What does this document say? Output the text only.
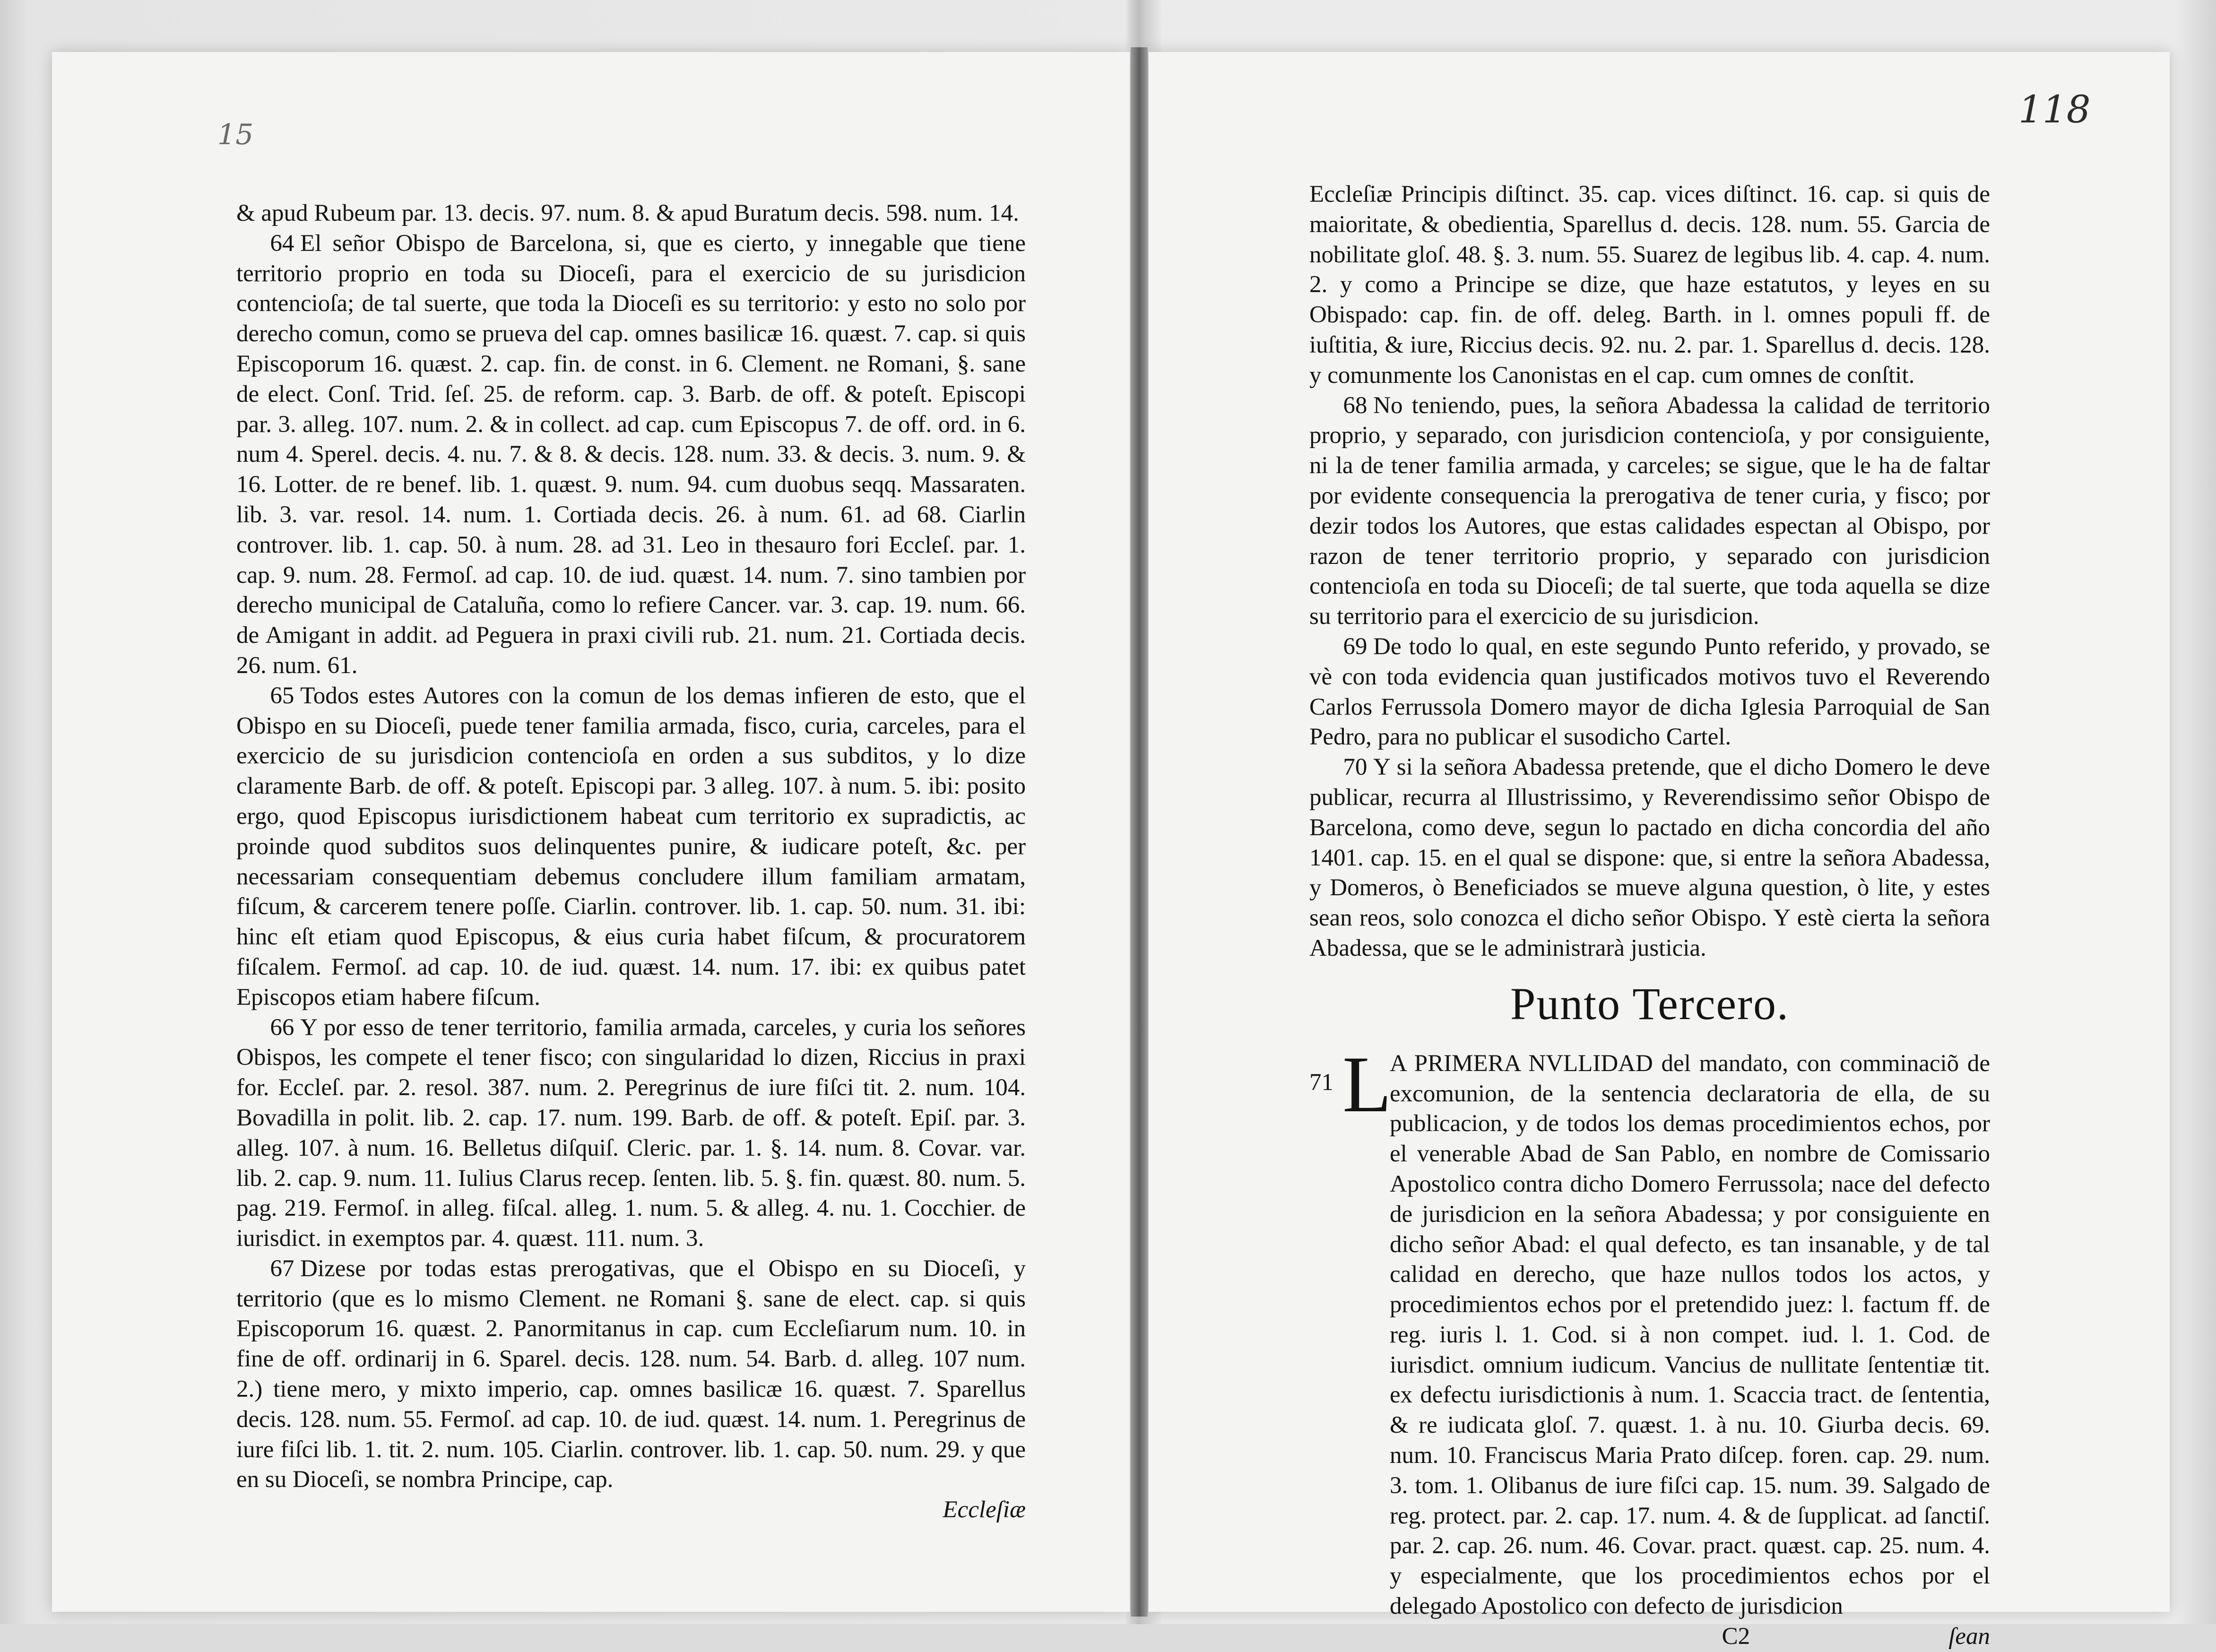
15
118

& apud Rubeum par. 13. decis. 97. num. 8. & apud Buratum decis. 598. num. 14.

64 El señor Obispo de Barcelona, si, que es cierto, y innegable que tiene territorio proprio en toda su Dioceſi, para el exercicio de su jurisdicion contencioſa; de tal suerte, que toda la Dioceſi es su territorio: y esto no solo por derecho comun, como se prueva del cap. omnes basilicæ 16. quæst. 7. cap. si quis Episcoporum 16. quæst. 2. cap. fin. de const. in 6. Clement. ne Romani, §. sane de elect. Conſ. Trid. ſeſ. 25. de reform. cap. 3. Barb. de off. & poteſt. Episcopi par. 3. alleg. 107. num. 2. & in collect. ad cap. cum Episcopus 7. de off. ord. in 6. num 4. Sperel. decis. 4. nu. 7. & 8. & decis. 128. num. 33. & decis. 3. num. 9. & 16. Lotter. de re benef. lib. 1. quæst. 9. num. 94. cum duobus seqq. Massaraten. lib. 3. var. resol. 14. num. 1. Cortiada decis. 26. à num. 61. ad 68. Ciarlin controver. lib. 1. cap. 50. à num. 28. ad 31. Leo in thesauro fori Eccleſ. par. 1. cap. 9. num. 28. Fermoſ. ad cap. 10. de iud. quæst. 14. num. 7. sino tambien por derecho municipal de Cataluña, como lo refiere Cancer. var. 3. cap. 19. num. 66. de Amigant in addit. ad Peguera in praxi civili rub. 21. num. 21. Cortiada decis. 26. num. 61.

65 Todos estes Autores con la comun de los demas infieren de esto, que el Obispo en su Dioceſi, puede tener familia armada, fisco, curia, carceles, para el exercicio de su jurisdicion contencioſa en orden a sus subditos, y lo dize claramente Barb. de off. & poteſt. Episcopi par. 3 alleg. 107. à num. 5. ibi: posito ergo, quod Episcopus iurisdictionem habeat cum territorio ex supradictis, ac proinde quod subditos suos delinquentes punire, & iudicare poteſt, &c. per necessariam consequentiam debemus concludere illum familiam armatam, fiſcum, & carcerem tenere poſſe. Ciarlin. controver. lib. 1. cap. 50. num. 31. ibi: hinc eſt etiam quod Episcopus, & eius curia habet fiſcum, & procuratorem fiſcalem. Fermoſ. ad cap. 10. de iud. quæst. 14. num. 17. ibi: ex quibus patet Episcopos etiam habere fiſcum.

66 Y por esso de tener territorio, familia armada, carceles, y curia los señores Obispos, les compete el tener fisco; con singularidad lo dizen, Riccius in praxi for. Eccleſ. par. 2. resol. 387. num. 2. Peregrinus de iure fiſci tit. 2. num. 104. Bovadilla in polit. lib. 2. cap. 17. num. 199. Barb. de off. & poteſt. Epiſ. par. 3. alleg. 107. à num. 16. Belletus diſquiſ. Cleric. par. 1. §. 14. num. 8. Covar. var. lib. 2. cap. 9. num. 11. Iulius Clarus recep. ſenten. lib. 5. §. fin. quæst. 80. num. 5. pag. 219. Fermoſ. in alleg. fiſcal. alleg. 1. num. 5. & alleg. 4. nu. 1. Cocchier. de iurisdict. in exemptos par. 4. quæst. 111. num. 3.

67 Dizese por todas estas prerogativas, que el Obispo en su Dioceſi, y territorio (que es lo mismo Clement. ne Romani §. sane de elect. cap. si quis Episcoporum 16. quæst. 2. Panormitanus in cap. cum Eccleſiarum num. 10. in fine de off. ordinarij in 6. Sparel. decis. 128. num. 54. Barb. d. alleg. 107 num. 2.) tiene mero, y mixto imperio, cap. omnes basilicæ 16. quæst. 7. Sparellus decis. 128. num. 55. Fermoſ. ad cap. 10. de iud. quæst. 14. num. 1. Peregrinus de iure fiſci lib. 1. tit. 2. num. 105. Ciarlin. controver. lib. 1. cap. 50. num. 29. y que en su Dioceſi, se nombra Principe, cap.

Eccleſiæ

Eccleſiæ Principis diſtinct. 35. cap. vices diſtinct. 16. cap. si quis de maioritate, & obedientia, Sparellus d. decis. 128. num. 55. Garcia de nobilitate gloſ. 48. §. 3. num. 55. Suarez de legibus lib. 4. cap. 4. num. 2. y como a Principe se dize, que haze estatutos, y leyes en su Obispado: cap. fin. de off. deleg. Barth. in l. omnes populi ff. de iuſtitia, & iure, Riccius decis. 92. nu. 2. par. 1. Sparellus d. decis. 128. y comunmente los Canonistas en el cap. cum omnes de conſtit.

68 No teniendo, pues, la señora Abadessa la calidad de territorio proprio, y separado, con jurisdicion contencioſa, y por consiguiente, ni la de tener familia armada, y carceles; se sigue, que le ha de faltar por evidente consequencia la prerogativa de tener curia, y fisco; por dezir todos los Autores, que estas calidades espectan al Obispo, por razon de tener territorio proprio, y separado con jurisdicion contencioſa en toda su Dioceſi; de tal suerte, que toda aquella se dize su territorio para el exercicio de su jurisdicion.

69 De todo lo qual, en este segundo Punto referido, y provado, se vè con toda evidencia quan justificados motivos tuvo el Reverendo Carlos Ferrussola Domero mayor de dicha Iglesia Parroquial de San Pedro, para no publicar el susodicho Cartel.

70 Y si la señora Abadessa pretende, que el dicho Domero le deve publicar, recurra al Illustrissimo, y Reverendissimo señor Obispo de Barcelona, como deve, segun lo pactado en dicha concordia del año 1401. cap. 15. en el qual se dispone: que, si entre la señora Abadessa, y Domeros, ò Beneficiados se mueve alguna question, ò lite, y estes sean reos, solo conozca el dicho señor Obispo. Y estè cierta la señora Abadessa, que se le administrarà justicia.

Punto Tercero.

71 L
A PRIMERA NVLLIDAD del mandato, con comminaciõ de excomunion, de la sentencia declaratoria de ella, de su publicacion, y de todos los demas procedimientos echos, por el venerable Abad de San Pablo, en nombre de Comissario Apostolico contra dicho Domero Ferrussola; nace del defecto de jurisdicion en la señora Abadessa; y por consiguiente en dicho señor Abad: el qual defecto, es tan insanable, y de tal calidad en derecho, que haze nullos todos los actos, y procedimientos echos por el pretendido juez: l. factum ff. de reg. iuris l. 1. Cod. si à non compet. iud. l. 1. Cod. de iurisdict. omnium iudicum. Vancius de nullitate ſententiæ tit. ex defectu iurisdictionis à num. 1. Scaccia tract. de ſententia, & re iudicata gloſ. 7. quæst. 1. à nu. 10. Giurba decis. 69. num. 10. Franciscus Maria Prato diſcep. foren. cap. 29. num. 3. tom. 1. Olibanus de iure fiſci cap. 15. num. 39. Salgado de reg. protect. par. 2. cap. 17. num. 4. & de ſupplicat. ad ſanctiſ. par. 2. cap. 26. num. 46. Covar. pract. quæst. cap. 25. num. 4. y especialmente, que los procedimientos echos por el delegado Apostolico con defecto de jurisdicion

C2	ſean
